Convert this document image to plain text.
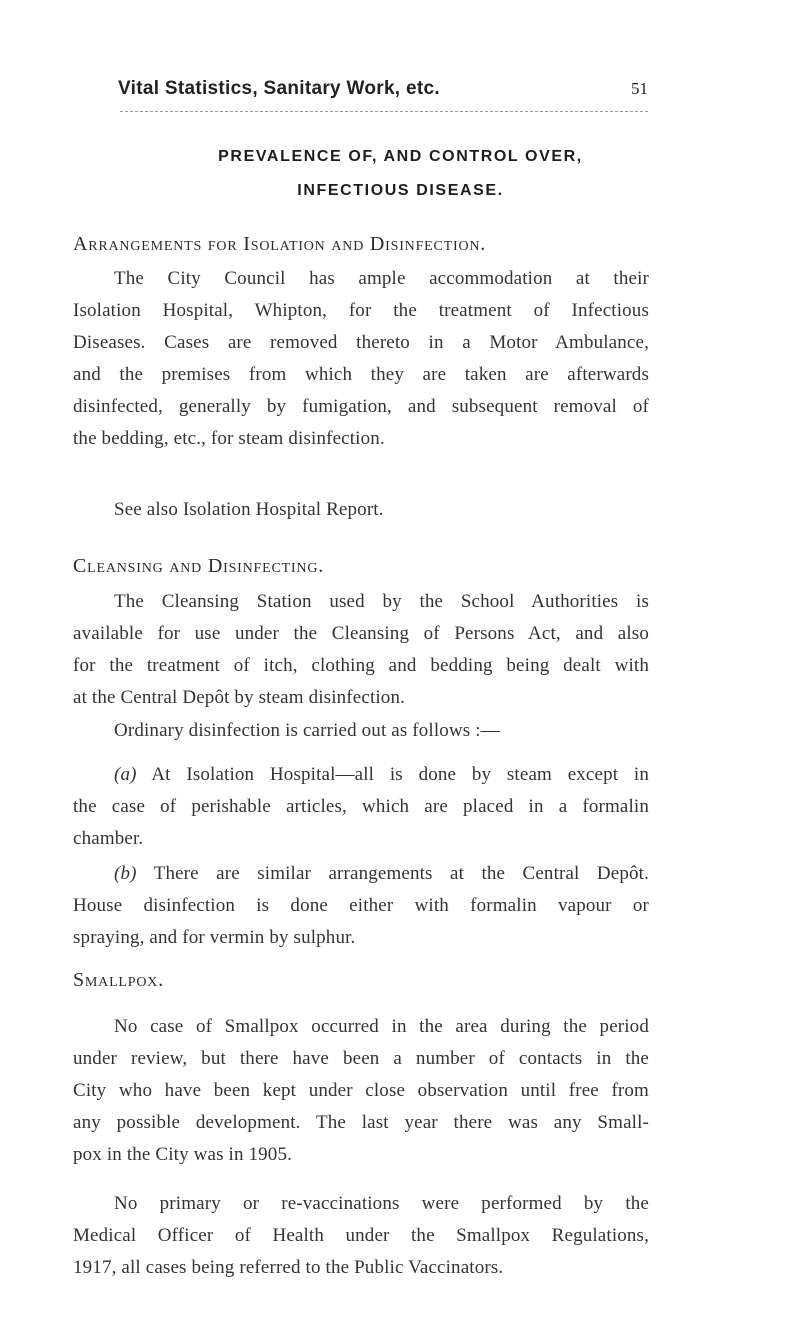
Vital Statistics, Sanitary Work, etc.	51
PREVALENCE OF, AND CONTROL OVER,
INFECTIOUS DISEASE.
Arrangements for Isolation and Disinfection.
The City Council has ample accommodation at their
Isolation Hospital, Whipton, for the treatment of Infectious
Diseases. Cases are removed thereto in a Motor Ambulance,
and the premises from which they are taken are afterwards
disinfected, generally by fumigation, and subsequent removal of
the bedding, etc., for steam disinfection.
See also Isolation Hospital Report.
Cleansing and Disinfecting.
The Cleansing Station used by the School Authorities is
available for use under the Cleansing of Persons Act, and also
for the treatment of itch, clothing and bedding being dealt with
at the Central Depôt by steam disinfection.
Ordinary disinfection is carried out as follows :—
(a) At Isolation Hospital—all is done by steam except in
the case of perishable articles, which are placed in a formalin
chamber.
(b) There are similar arrangements at the Central Depôt.
House disinfection is done either with formalin vapour or
spraying, and for vermin by sulphur.
Smallpox.
No case of Smallpox occurred in the area during the period
under review, but there have been a number of contacts in the
City who have been kept under close observation until free from
any possible development. The last year there was any Small-
pox in the City was in 1905.
No primary or re-vaccinations were performed by the
Medical Officer of Health under the Smallpox Regulations,
1917, all cases being referred to the Public Vaccinators.
